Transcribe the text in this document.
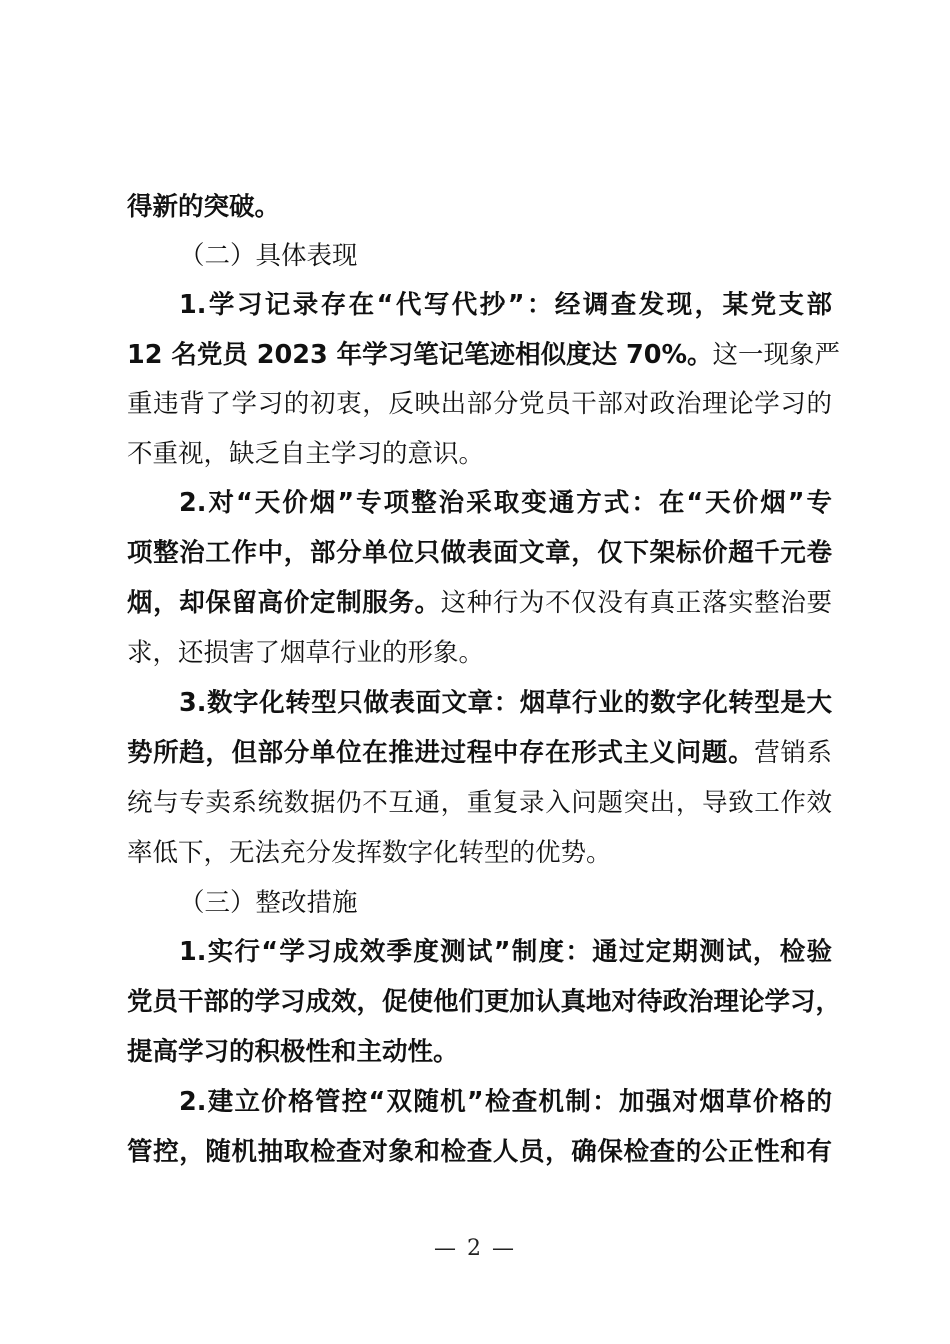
得新的突破。
（二）具体表现
1.学习记录存在“代写代抄”：经调查发现，某党支部
12 名党员 2023 年学习笔记笔迹相似度达 70%。这一现象严
重违背了学习的初衷，反映出部分党员干部对政治理论学习的
不重视，缺乏自主学习的意识。
2.对“天价烟”专项整治采取变通方式：在“天价烟”专
项整治工作中，部分单位只做表面文章，仅下架标价超千元卷
烟，却保留高价定制服务。这种行为不仅没有真正落实整治要
求，还损害了烟草行业的形象。
3.数字化转型只做表面文章：烟草行业的数字化转型是大
势所趋，但部分单位在推进过程中存在形式主义问题。营销系
统与专卖系统数据仍不互通，重复录入问题突出，导致工作效
率低下，无法充分发挥数字化转型的优势。
（三）整改措施
1.实行“学习成效季度测试”制度：通过定期测试，检验
党员干部的学习成效，促使他们更加认真地对待政治理论学习，
提高学习的积极性和主动性。
2.建立价格管控“双随机”检查机制：加强对烟草价格的
管控，随机抽取检查对象和检查人员，确保检查的公正性和有
— 2 —
